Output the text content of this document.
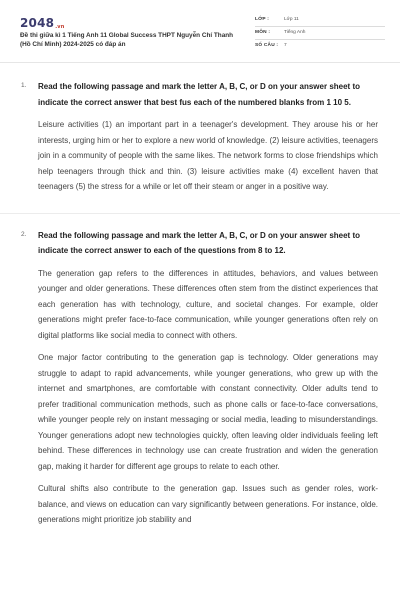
2048.vn
Đề thi giữa kì 1 Tiếng Anh 11 Global Success THPT Nguyễn Chí Thanh (Hồ Chí Minh) 2024-2025 có đáp án
LỚP :	Lớp 11
MÔN :	Tiếng Anh
SỐ CÂU : 7
1. Read the following passage and mark the letter A, B, C, or D on your answer sheet to indicate the correct answer that best fus each of the numbered blanks from 1 10 5.
Leisure activities (1) an important part in a teenager's development. They arouse his or her interests, urging him or her to explore a new world of knowledge. (2) leisure activities, teenagers join in a community of people with the same likes. The network forms to close friendships which help teenagers through thick and thin. (3) leisure activities make (4) excellent haven that teenagers (5) the stress for a while or let off their steam or anger in a positive way.
2. Read the following passage and mark the letter A, B, C, or D on your answer sheet to indicate the correct answer to each of the questions from 8 to 12.
The generation gap refers to the differences in attitudes, behaviors, and values between younger and older generations. These differences often stem from the distinct experiences that each generation has with technology, culture, and societal changes. For example, older generations might prefer face-to-face communication, while younger generations often rely on digital platforms like social media to connect with others.
One major factor contributing to the generation gap is technology. Older generations may struggle to adapt to rapid advancements, while younger generations, who grew up with the internet and smartphones, are comfortable with constant connectivity. Older adults tend to prefer traditional communication methods, such as phone calls or face-to-face conversations, while younger people rely on instant messaging or social media, leading to misunderstandings. Younger generations adopt new technologies quickly, often leaving older individuals feeling left behind. These differences in technology use can create frustration and widen the generation gap, making it harder for different age groups to relate to each other.
Cultural shifts also contribute to the generation gap. Issues such as gender roles, work- balance, and views on education can vary significantly between generations. For instance, olde. generations might prioritize job stability and
